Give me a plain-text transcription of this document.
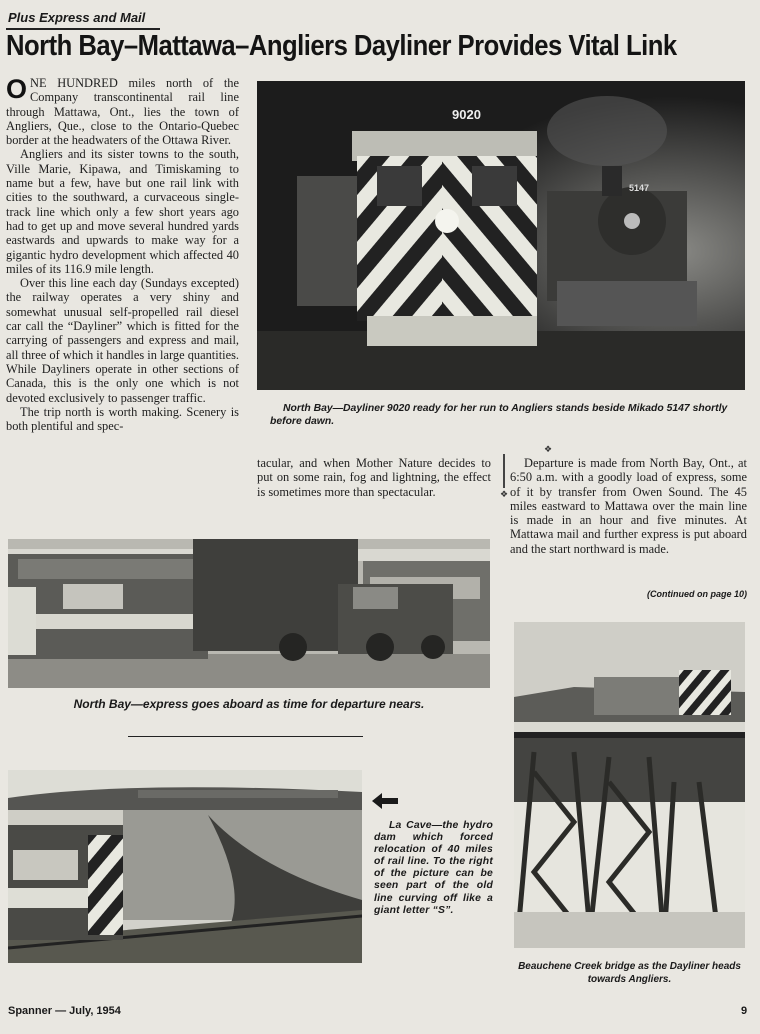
Plus Express and Mail
North Bay–Mattawa–Angliers Dayliner Provides Vital Link

ONE HUNDRED miles north of the Company transcontinental rail line through Mattawa, Ont., lies the town of Angliers, Que., close to the Ontario-Quebec border at the headwaters of the Ottawa River.

Angliers and its sister towns to the south, Ville Marie, Kipawa, and Timiskaming to name but a few, have but one rail link with cities to the southward, a curvaceous single-track line which only a few short years ago had to get up and move several hundred yards eastwards and upwards to make way for a gigantic hydro development which affected 40 miles of its 116.9 mile length.

Over this line each day (Sundays excepted) the railway operates a very shiny and somewhat unusual self-propelled rail diesel car call the “Dayliner” which is fitted for the carrying of passengers and express and mail, all three of which it handles in large quantities. While Dayliners operate in other sections of Canada, this is the only one which is not devoted exclusively to passenger traffic.

The trip north is worth making. Scenery is both plentiful and spec-

9020
5147
North Bay—Dayliner 9020 ready for her run to Angliers stands beside Mikado 5147 shortly before dawn.

tacular, and when Mother Nature decides to put on some rain, fog and lightning, the effect is sometimes more than spectacular.

❖
❖

Departure is made from North Bay, Ont., at 6:50 a.m. with a goodly load of express, some of it by transfer from Owen Sound. The 45 miles eastward to Mattawa over the main line is made in an hour and five minutes. At Mattawa mail and further express is put aboard and the start northward is made.

(Continued on page 10)
North Bay—express goes aboard as time for departure nears.
La Cave—the hydro dam which forced relocation of 40 miles of rail line. To the right of the picture can be seen part of the old line curving off like a giant letter “S”.
Beauchene Creek bridge as the Dayliner heads towards Angliers.
Spanner — July, 1954	9
